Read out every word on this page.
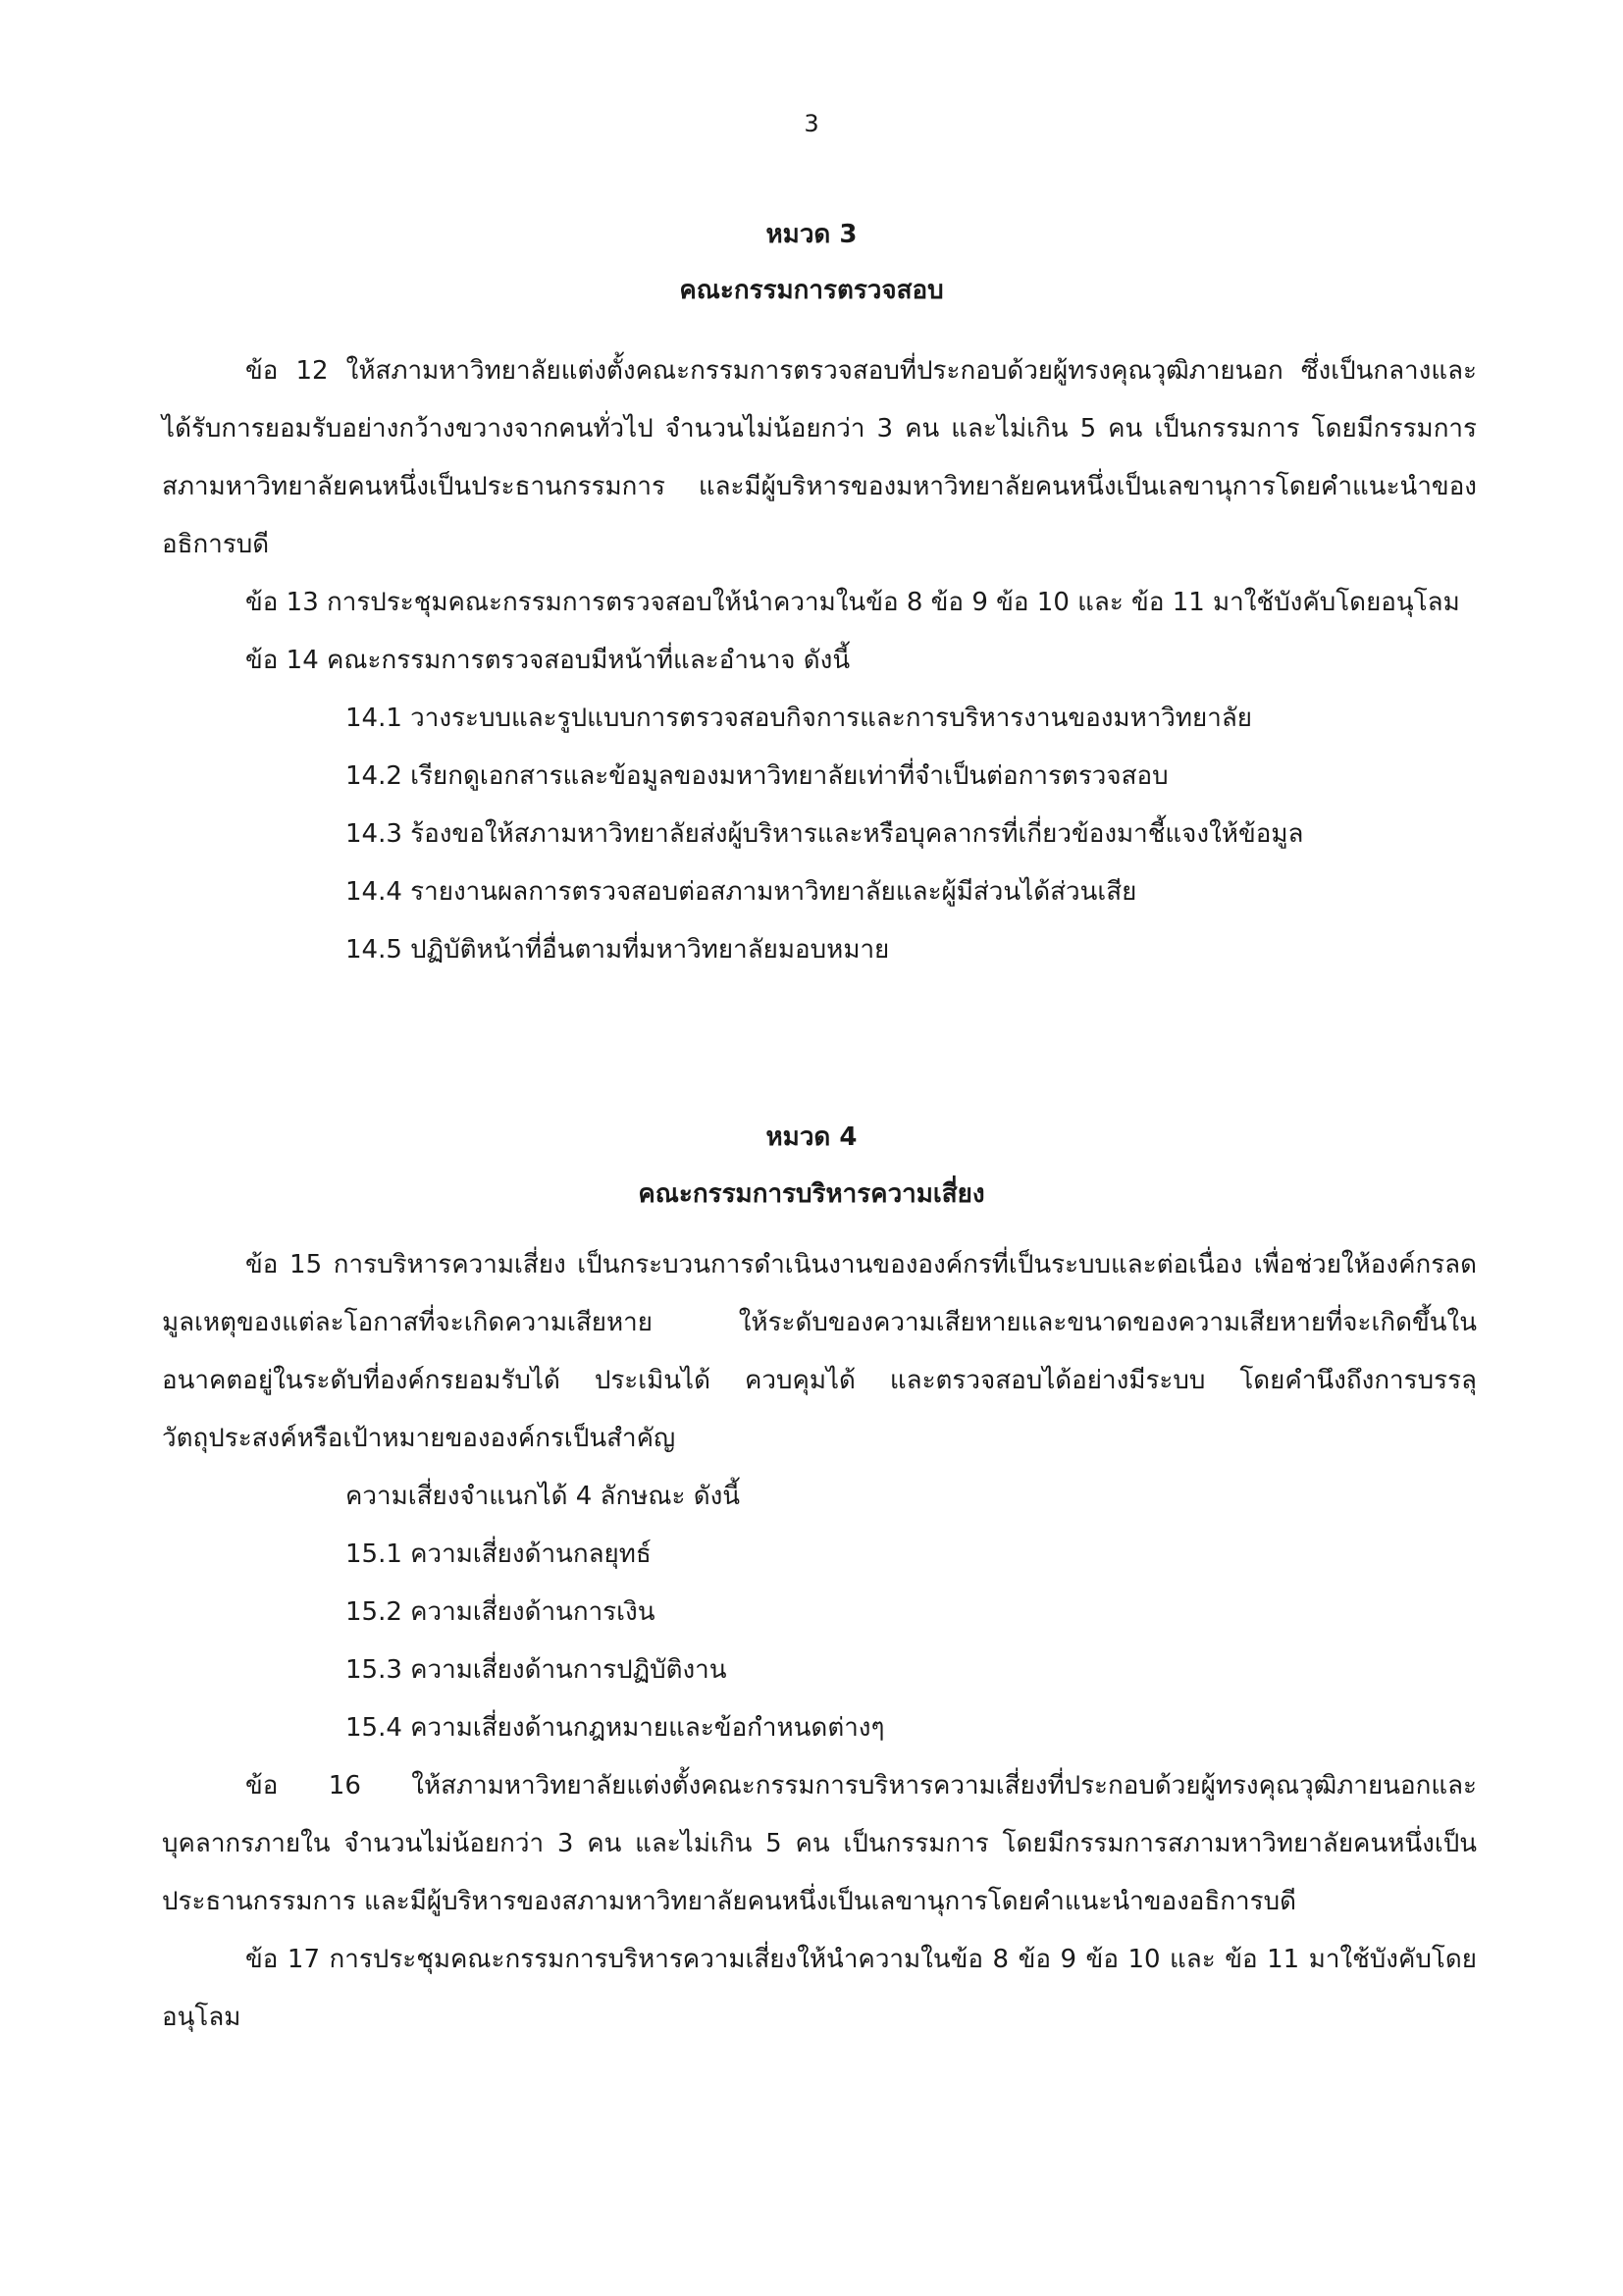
3
หมวด 3
คณะกรรมการตรวจสอบ

ข้อ 12 ให้สภามหาวิทยาลัยแต่งตั้งคณะกรรมการตรวจสอบที่ประกอบด้วยผู้ทรงคุณวุฒิภายนอก ซึ่งเป็นกลางและได้รับการยอมรับอย่างกว้างขวางจากคนทั่วไป จำนวนไม่น้อยกว่า 3 คน และไม่เกิน 5 คน เป็นกรรมการ โดยมีกรรมการสภามหาวิทยาลัยคนหนึ่งเป็นประธานกรรมการ และมีผู้บริหารของมหาวิทยาลัยคนหนึ่งเป็นเลขานุการโดยคำแนะนำของอธิการบดี

ข้อ 13 การประชุมคณะกรรมการตรวจสอบให้นำความในข้อ 8 ข้อ 9 ข้อ 10 และ ข้อ 11 มาใช้บังคับโดยอนุโลม

ข้อ 14 คณะกรรมการตรวจสอบมีหน้าที่และอำนาจ ดังนี้

14.1 วางระบบและรูปแบบการตรวจสอบกิจการและการบริหารงานของมหาวิทยาลัย

14.2 เรียกดูเอกสารและข้อมูลของมหาวิทยาลัยเท่าที่จำเป็นต่อการตรวจสอบ

14.3 ร้องขอให้สภามหาวิทยาลัยส่งผู้บริหารและหรือบุคลากรที่เกี่ยวข้องมาชี้แจงให้ข้อมูล

14.4 รายงานผลการตรวจสอบต่อสภามหาวิทยาลัยและผู้มีส่วนได้ส่วนเสีย

14.5 ปฏิบัติหน้าที่อื่นตามที่มหาวิทยาลัยมอบหมาย

หมวด 4
คณะกรรมการบริหารความเสี่ยง

ข้อ 15 การบริหารความเสี่ยง เป็นกระบวนการดำเนินงานขององค์กรที่เป็นระบบและต่อเนื่อง เพื่อช่วยให้องค์กรลดมูลเหตุของแต่ละโอกาสที่จะเกิดความเสียหาย ให้ระดับของความเสียหายและขนาดของความเสียหายที่จะเกิดขึ้นในอนาคตอยู่ในระดับที่องค์กรยอมรับได้ ประเมินได้ ควบคุมได้ และตรวจสอบได้อย่างมีระบบ โดยคำนึงถึงการบรรลุวัตถุประสงค์หรือเป้าหมายขององค์กรเป็นสำคัญ

ความเสี่ยงจำแนกได้ 4 ลักษณะ ดังนี้

15.1 ความเสี่ยงด้านกลยุทธ์

15.2 ความเสี่ยงด้านการเงิน

15.3 ความเสี่ยงด้านการปฏิบัติงาน

15.4 ความเสี่ยงด้านกฎหมายและข้อกำหนดต่างๆ

ข้อ 16 ให้สภามหาวิทยาลัยแต่งตั้งคณะกรรมการบริหารความเสี่ยงที่ประกอบด้วยผู้ทรงคุณวุฒิภายนอกและบุคลากรภายใน จำนวนไม่น้อยกว่า 3 คน และไม่เกิน 5 คน เป็นกรรมการ โดยมีกรรมการสภามหาวิทยาลัยคนหนึ่งเป็นประธานกรรมการ และมีผู้บริหารของสภามหาวิทยาลัยคนหนึ่งเป็นเลขานุการโดยคำแนะนำของอธิการบดี

ข้อ 17 การประชุมคณะกรรมการบริหารความเสี่ยงให้นำความในข้อ 8 ข้อ 9 ข้อ 10 และ ข้อ 11 มาใช้บังคับโดยอนุโลม
